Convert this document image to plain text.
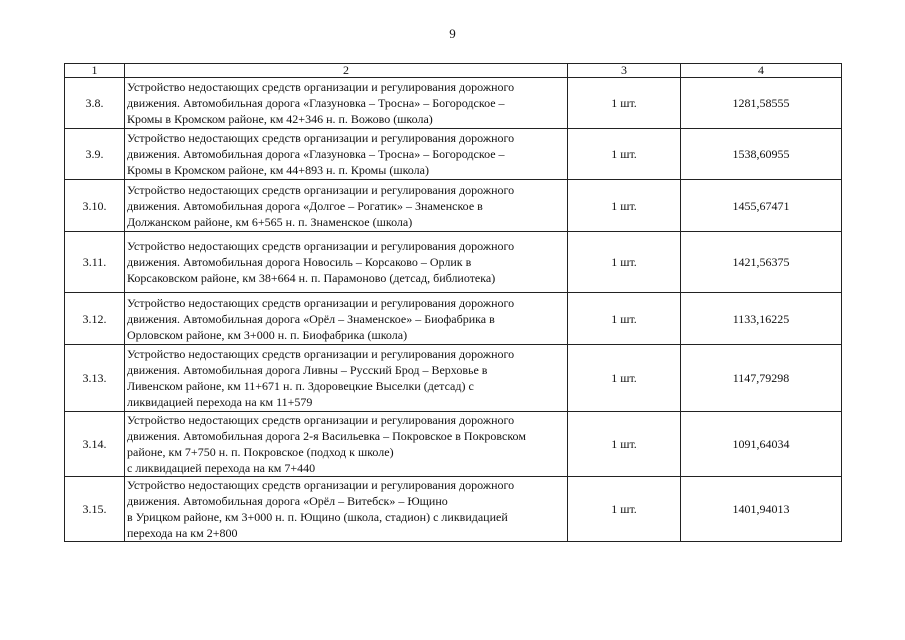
9
1	2	3	4
3.8.	Устройство недостающих средств организации и регулирования дорожного
движения. Автомобильная дорога «Глазуновка – Тросна» – Богородское –
Кромы в Кромском районе, км 42+346 н. п. Вожово (школа)	1 шт.	1281,58555
3.9.	Устройство недостающих средств организации и регулирования дорожного
движения. Автомобильная дорога «Глазуновка – Тросна» – Богородское –
Кромы в Кромском районе, км 44+893 н. п. Кромы (школа)	1 шт.	1538,60955
3.10.	Устройство недостающих средств организации и регулирования дорожного
движения. Автомобильная дорога «Долгое – Рогатик» – Знаменское в
Должанском районе, км 6+565 н. п. Знаменское (школа)	1 шт.	1455,67471
3.11.	Устройство недостающих средств организации и регулирования дорожного
движения. Автомобильная дорога Новосиль – Корсаково – Орлик в
Корсаковском районе, км 38+664 н. п. Парамоново (детсад, библиотека)	1 шт.	1421,56375
3.12.	Устройство недостающих средств организации и регулирования дорожного
движения. Автомобильная дорога «Орёл – Знаменское» – Биофабрика в
Орловском районе, км 3+000 н. п. Биофабрика (школа)	1 шт.	1133,16225
3.13.	Устройство недостающих средств организации и регулирования дорожного
движения. Автомобильная дорога Ливны – Русский Брод – Верховье в
Ливенском районе, км 11+671 н. п. Здоровецкие Выселки (детсад) с
ликвидацией перехода на км 11+579	1 шт.	1147,79298
3.14.	Устройство недостающих средств организации и регулирования дорожного
движения. Автомобильная дорога 2-я Васильевка – Покровское в Покровском
районе, км 7+750 н. п. Покровское (подход к школе)
с ликвидацией перехода на км 7+440	1 шт.	1091,64034
3.15.	Устройство недостающих средств организации и регулирования дорожного
движения. Автомобильная дорога «Орёл – Витебск» – Ющино
в Урицком районе, км 3+000 н. п. Ющино (школа, стадион) с ликвидацией
перехода на км 2+800	1 шт.	1401,94013
